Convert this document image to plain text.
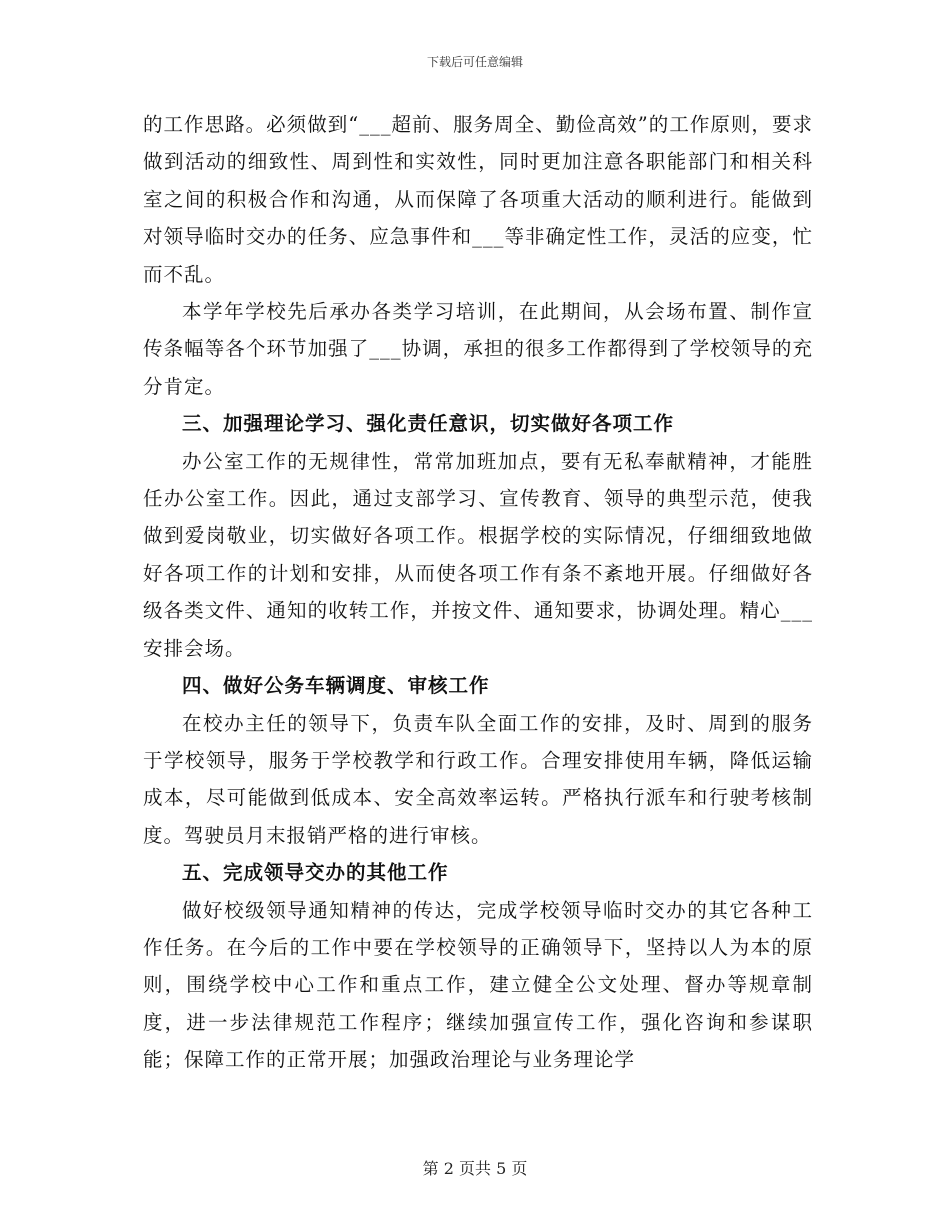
下载后可任意编辑

的工作思路。必须做到“___超前、服务周全、勤俭高效”的工作原则，要求做到活动的细致性、周到性和实效性，同时更加注意各职能部门和相关科室之间的积极合作和沟通，从而保障了各项重大活动的顺利进行。能做到对领导临时交办的任务、应急事件和___等非确定性工作，灵活的应变，忙而不乱。

本学年学校先后承办各类学习培训，在此期间，从会场布置、制作宣传条幅等各个环节加强了___协调，承担的很多工作都得到了学校领导的充分肯定。

三、加强理论学习、强化责任意识，切实做好各项工作

办公室工作的无规律性，常常加班加点，要有无私奉献精神，才能胜任办公室工作。因此，通过支部学习、宣传教育、领导的典型示范，使我做到爱岗敬业，切实做好各项工作。根据学校的实际情况，仔细细致地做好各项工作的计划和安排，从而使各项工作有条不紊地开展。仔细做好各级各类文件、通知的收转工作，并按文件、通知要求，协调处理。精心___安排会场。

四、做好公务车辆调度、审核工作

在校办主任的领导下，负责车队全面工作的安排，及时、周到的服务于学校领导，服务于学校教学和行政工作。合理安排使用车辆，降低运输成本，尽可能做到低成本、安全高效率运转。严格执行派车和行驶考核制度。驾驶员月末报销严格的进行审核。

五、完成领导交办的其他工作

做好校级领导通知精神的传达，完成学校领导临时交办的其它各种工作任务。在今后的工作中要在学校领导的正确领导下，坚持以人为本的原则，围绕学校中心工作和重点工作，建立健全公文处理、督办等规章制度，进一步法律规范工作程序；继续加强宣传工作，强化咨询和参谋职能；保障工作的正常开展；加强政治理论与业务理论学

第 2 页共 5 页
